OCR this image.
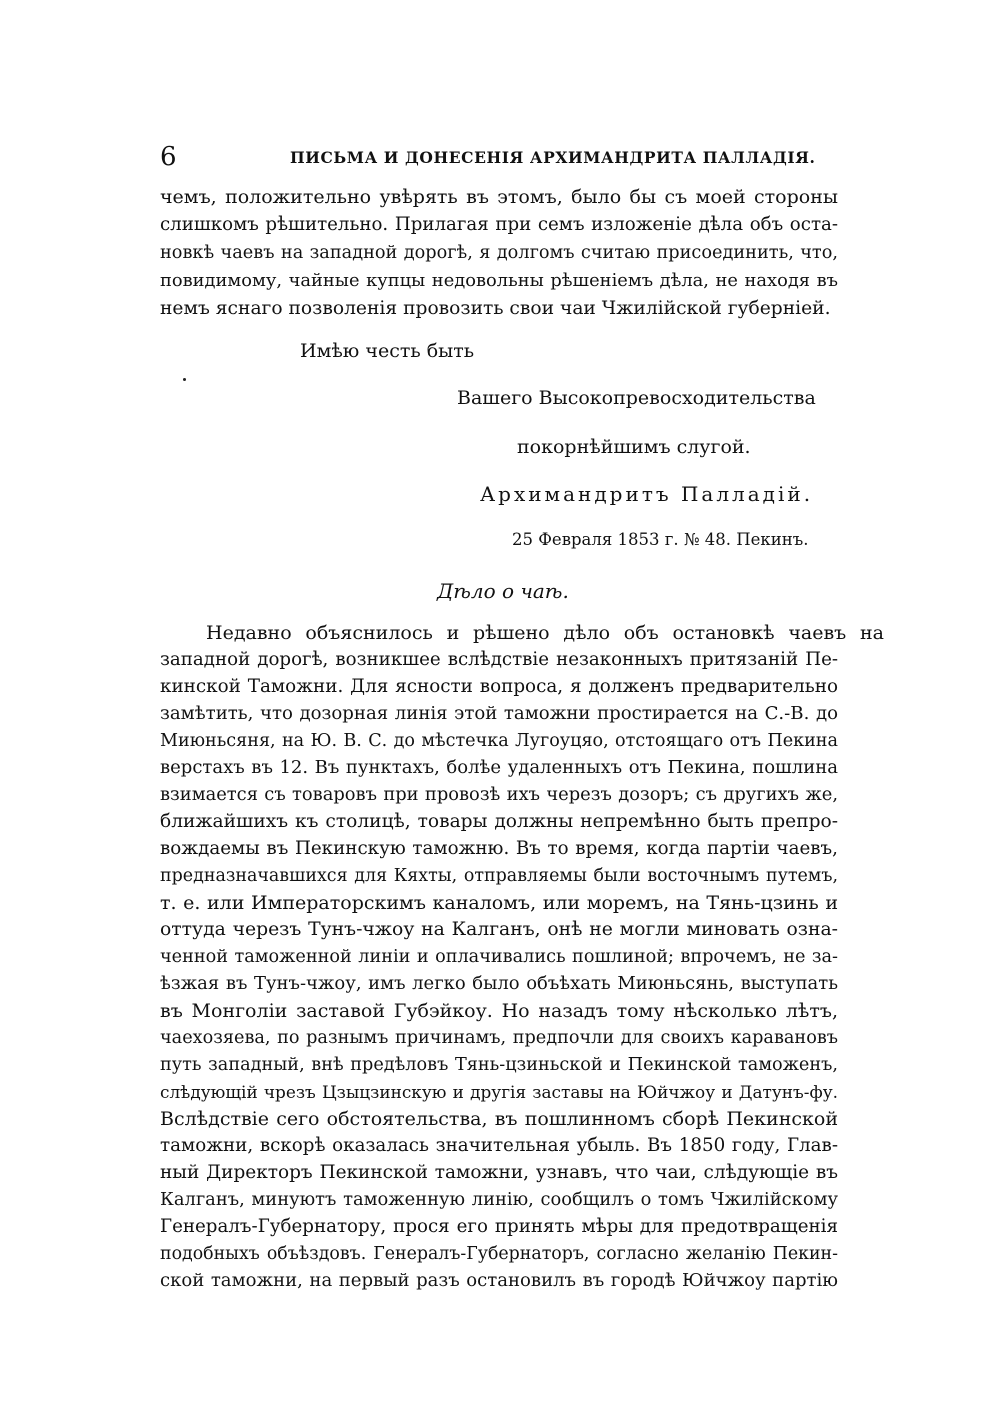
6	ПИСЬМА И ДОНЕСЕНІЯ АРХИМАНДРИТА ПАЛЛАДІЯ.
чемъ, положительно увѣрять въ этомъ, было бы съ моей стороны
слишкомъ рѣшительно. Прилагая при семъ изложеніе дѣла объ оста-
новкѣ чаевъ на западной дорогѣ, я долгомъ считаю присоединить, что,
повидимому, чайные купцы недовольны рѣшеніемъ дѣла, не находя въ
немъ яснаго позволенія провозить свои чаи Чжилійской губерніей.
Имѣю честь быть
Вашего Высокопревосходительства
покорнѣйшимъ слугой.
Архимандритъ Палладій.
25 Февраля 1853 г. № 48. Пекинъ.
Дѣло о чаѣ.
Недавно объяснилось и рѣшено дѣло объ остановкѣ чаевъ на
западной дорогѣ, возникшее вслѣдствіе незаконныхъ притязаній Пе-
кинской Таможни. Для ясности вопроса, я долженъ предварительно
замѣтить, что дозорная линія этой таможни простирается на С.-В. до
Миюньсяня, на Ю. В. С. до мѣстечка Лугоуцяо, отстоящаго отъ Пекина
верстахъ въ 12. Въ пунктахъ, болѣе удаленныхъ отъ Пекина, пошлина
взимается съ товаровъ при провозѣ ихъ черезъ дозоръ; съ другихъ же,
ближайшихъ къ столицѣ, товары должны непремѣнно быть препро-
вождаемы въ Пекинскую таможню. Въ то время, когда партіи чаевъ,
предназначавшихся для Кяхты, отправляемы были восточнымъ путемъ,
т. е. или Императорскимъ каналомъ, или моремъ, на Тянь-цзинь и
оттуда черезъ Тунъ-чжоу на Калганъ, онѣ не могли миновать озна-
ченной таможенной линіи и оплачивались пошлиной; впрочемъ, не за-
ѣзжая въ Тунъ-чжоу, имъ легко было объѣхать Миюньсянь, выступать
въ Монголіи заставой Губэйкоу. Но назадъ тому нѣсколько лѣтъ,
чаехозяева, по разнымъ причинамъ, предпочли для своихъ каравановъ
путь западный, внѣ предѣловъ Тянь-цзиньской и Пекинской таможенъ,
слѣдующій чрезъ Цзыцзинскую и другія заставы на Юйчжоу и Датунъ-фу.
Вслѣдствіе сего обстоятельства, въ пошлинномъ сборѣ Пекинской
таможни, вскорѣ оказалась значительная убыль. Въ 1850 году, Глав-
ный Директоръ Пекинской таможни, узнавъ, что чаи, слѣдующіе въ
Калганъ, минуютъ таможенную линію, сообщилъ о томъ Чжилійскому
Генералъ-Губернатору, прося его принять мѣры для предотвращенія
подобныхъ объѣздовъ. Генералъ-Губернаторъ, согласно желанію Пекин-
ской таможни, на первый разъ остановилъ въ городѣ Юйчжоу партію
